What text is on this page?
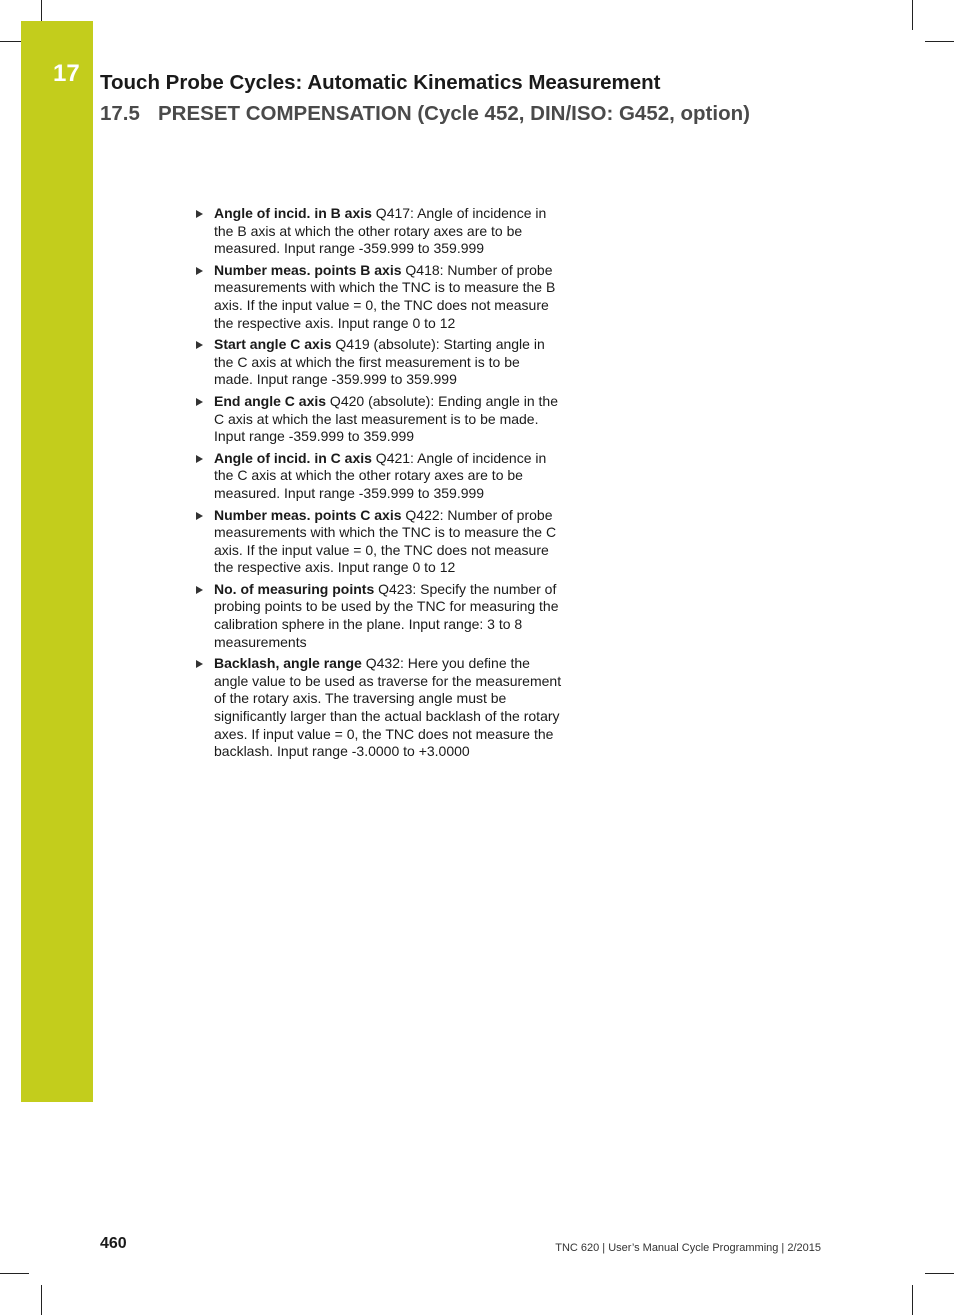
17 Touch Probe Cycles: Automatic Kinematics Measurement
17.5 PRESET COMPENSATION (Cycle 452, DIN/ISO: G452, option)
Angle of incid. in B axis Q417: Angle of incidence in the B axis at which the other rotary axes are to be measured. Input range -359.999 to 359.999
Number meas. points B axis Q418: Number of probe measurements with which the TNC is to measure the B axis. If the input value = 0, the TNC does not measure the respective axis. Input range 0 to 12
Start angle C axis Q419 (absolute): Starting angle in the C axis at which the first measurement is to be made. Input range -359.999 to 359.999
End angle C axis Q420 (absolute): Ending angle in the C axis at which the last measurement is to be made. Input range -359.999 to 359.999
Angle of incid. in C axis Q421: Angle of incidence in the C axis at which the other rotary axes are to be measured. Input range -359.999 to 359.999
Number meas. points C axis Q422: Number of probe measurements with which the TNC is to measure the C axis. If the input value = 0, the TNC does not measure the respective axis. Input range 0 to 12
No. of measuring points Q423: Specify the number of probing points to be used by the TNC for measuring the calibration sphere in the plane. Input range: 3 to 8 measurements
Backlash, angle range Q432: Here you define the angle value to be used as traverse for the measurement of the rotary axis. The traversing angle must be significantly larger than the actual backlash of the rotary axes. If input value = 0, the TNC does not measure the backlash. Input range -3.0000 to +3.0000
460	TNC 620 | User’s Manual Cycle Programming | 2/2015
